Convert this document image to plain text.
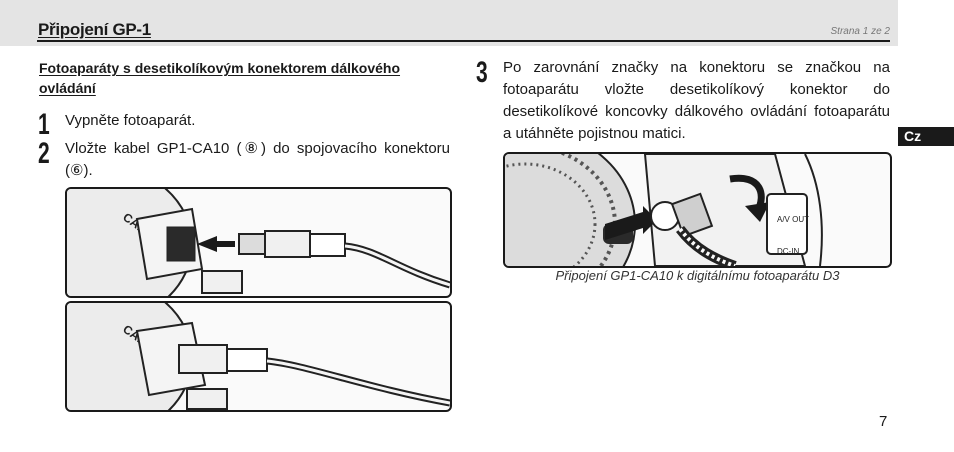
Připojení GP-1	Strana 1 ze 2
Fotoaparáty s desetikolíkovým konektorem dálkového ovládání
1 Vypněte fotoaparát.
2 Vložte kabel GP1-CA10 (⑧) do spojovacího konektoru (⑥).
3 Po zarovnání značky na konektoru se značkou na fotoaparátu vložte desetikolíkový konektor do desetikolíkové koncovky dálkového ovládání fotoaparátu a utáhněte pojistnou matici.
A/V OUT
DC-IN
Připojení GP1-CA10 k digitálnímu fotoaparátu D3
Cz
7
